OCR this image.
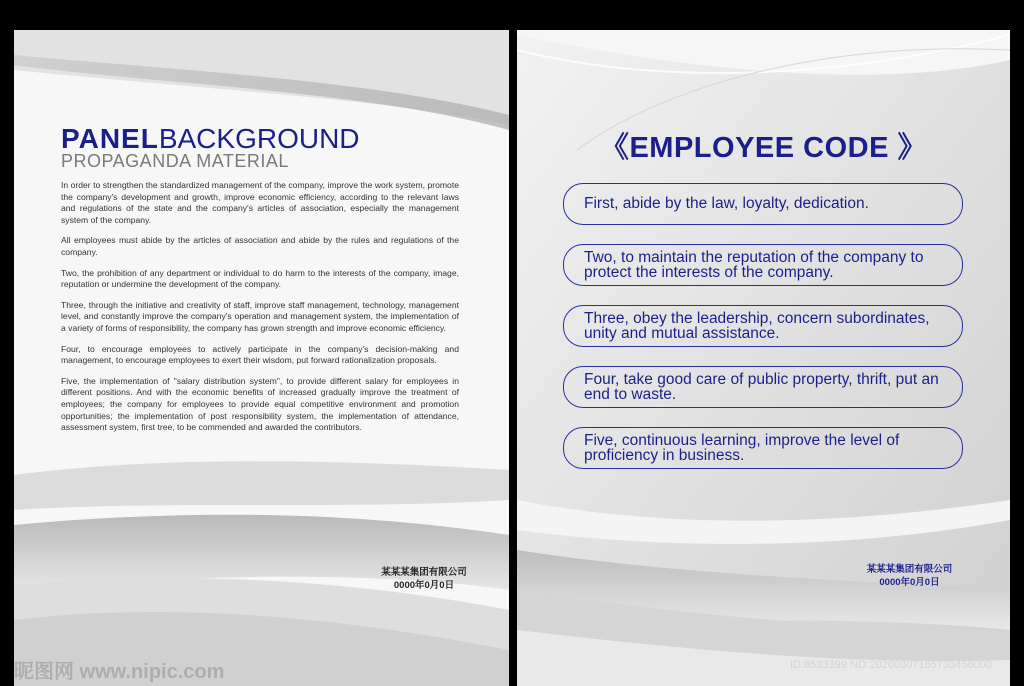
PANELBACKGROUND
PROPAGANDA MATERIAL

In order to strengthen the standardized management of the company, improve the work system, promote the company's development and growth, improve economic efficiency, according to the relevant laws and regulations of the state and the company's articles of association, especially the management system of the company.

All employees must abide by the articles of association and abide by the rules and regulations of the company.

Two, the prohibition of any department or individual to do harm to the interests of the company, image, reputation or undermine the development of the company.

Three, through the initiative and creativity of staff, improve staff management, technology, management level, and constantly improve the company's operation and management system, the implementation of a variety of forms of responsibility, the company has grown strength and improve economic efficiency.

Four, to encourage employees to actively participate in the company's decision-making and management, to encourage employees to exert their wisdom, put forward rationalization proposals.

Five, the implementation of "salary distribution system", to provide different salary for employees in different positions. And with the economic benefits of increased gradually improve the treatment of employees; the company for employees to provide equal competitive environment and promotion opportunities; the implementation of post responsibility system, the implementation of attendance, assessment system, first tree, to be commended and awarded the contributors.

某某某集团有限公司
0000年0月0日
《EMPLOYEE CODE 》
First, abide by the law, loyalty, dedication.
Two, to maintain the reputation of the company to protect the interests of the company.
Three, obey the leadership, concern subordinates, unity and mutual assistance.
Four, take good care of public property, thrift, put an end to waste.
Five, continuous learning, improve the level of proficiency in business.
某某某集团有限公司
0000年0月0日
昵图网 www.nipic.com	ID:8533399 NO:20200307165733458000
